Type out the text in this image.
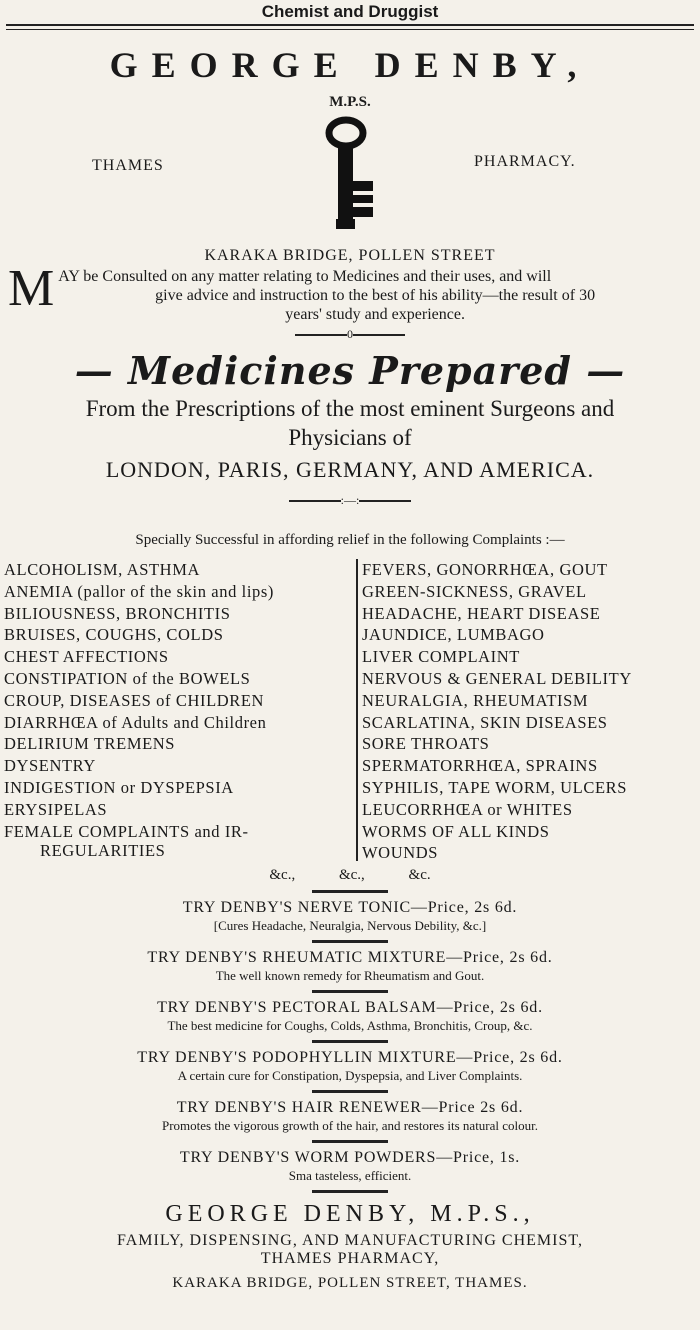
Chemist and Druggist
GEORGE DENBY,
M.P.S.
THAMES	PHARMACY.
KARAKA BRIDGE, POLLEN STREET
M AY be Consulted on any matter relating to Medicines and their uses, and will
give advice and instruction to the best of his ability—the result of 30
years' study and experience.
0
— Medicines Prepared —
From the Prescriptions of the most eminent Surgeons and
Physicians of
LONDON, PARIS, GERMANY, AND AMERICA.
:—:
Specially Successful in affording relief in the following Complaints :—
ALCOHOLISM, ASTHMA
ANEMIA (pallor of the skin and lips)
BILIOUSNESS, BRONCHITIS
BRUISES, COUGHS, COLDS
CHEST AFFECTIONS
CONSTIPATION of the BOWELS
CROUP, DISEASES of CHILDREN
DIARRHŒA of Adults and Children
DELIRIUM TREMENS
DYSENTRY
INDIGESTION or DYSPEPSIA
ERYSIPELAS
FEMALE COMPLAINTS and IR-
REGULARITIES
FEVERS, GONORRHŒA, GOUT
GREEN-SICKNESS, GRAVEL
HEADACHE, HEART DISEASE
JAUNDICE, LUMBAGO
LIVER COMPLAINT
NERVOUS & GENERAL DEBILITY
NEURALGIA, RHEUMATISM
SCARLATINA, SKIN DISEASES
SORE THROATS
SPERMATORRHŒA, SPRAINS
SYPHILIS, TAPE WORM, ULCERS
LEUCORRHŒA or WHITES
WORMS OF ALL KINDS
WOUNDS
&c., &c., &c.
TRY DENBY'S NERVE TONIC—Price, 2s 6d.
[Cures Headache, Neuralgia, Nervous Debility, &c.]
TRY DENBY'S RHEUMATIC MIXTURE—Price, 2s 6d.
The well known remedy for Rheumatism and Gout.
TRY DENBY'S PECTORAL BALSAM—Price, 2s 6d.
The best medicine for Coughs, Colds, Asthma, Bronchitis, Croup, &c.
TRY DENBY'S PODOPHYLLIN MIXTURE—Price, 2s 6d.
A certain cure for Constipation, Dyspepsia, and Liver Complaints.
TRY DENBY'S HAIR RENEWER—Price 2s 6d.
Promotes the vigorous growth of the hair, and restores its natural colour.
TRY DENBY'S WORM POWDERS—Price, 1s.
Sma tasteless, efficient.
GEORGE DENBY, M.P.S.,
FAMILY, DISPENSING, AND MANUFACTURING CHEMIST,
THAMES PHARMACY,
KARAKA BRIDGE, POLLEN STREET, THAMES.
